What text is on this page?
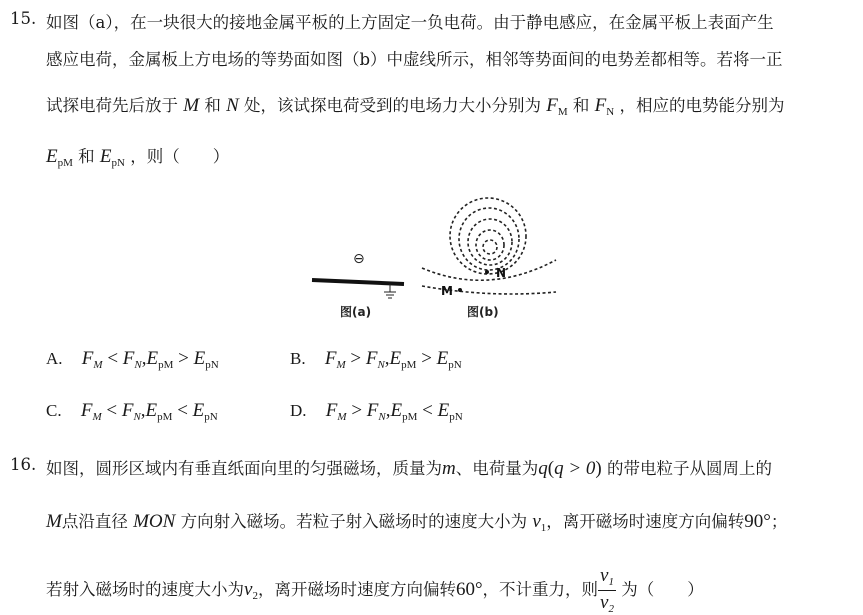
15. 如图（a），在一块很大的接地金属平板的上方固定一负电荷。由于静电感应，在金属平板上表面产生
感应电荷，金属板上方电场的等势面如图（b）中虚线所示，相邻等势面间的电势差都相等。若将一正
试探电荷先后放于 M 和 N 处，该试探电荷受到的电场力大小分别为 $F_M$ 和 $F_N$ ，相应的电势能分别为
$E_{pM}$ 和 $E_{pN}$ ，则（　　）
⊖
图(a)
N
M
图(b)
A. $F_M < F_N,E_{pM} > E_{pN}$	B. $F_M > F_N,E_{pM} > E_{pN}$
C. $F_M < F_N,E_{pM} < E_{pN}$	D. $F_M > F_N,E_{pM} < E_{pN}$
16. 如图，圆形区域内有垂直纸面向里的匀强磁场，质量为m、电荷量为q(q > 0) 的带电粒子从圆周上的
M点沿直径 MON 方向射入磁场。若粒子射入磁场时的速度大小为 $v_1$，离开磁场时速度方向偏转90°；
若射入磁场时的速度大小为$v_2$，离开磁场时速度方向偏转60°，不计重力，则 $\frac{v_1}{v_2}$ 为（　　）
